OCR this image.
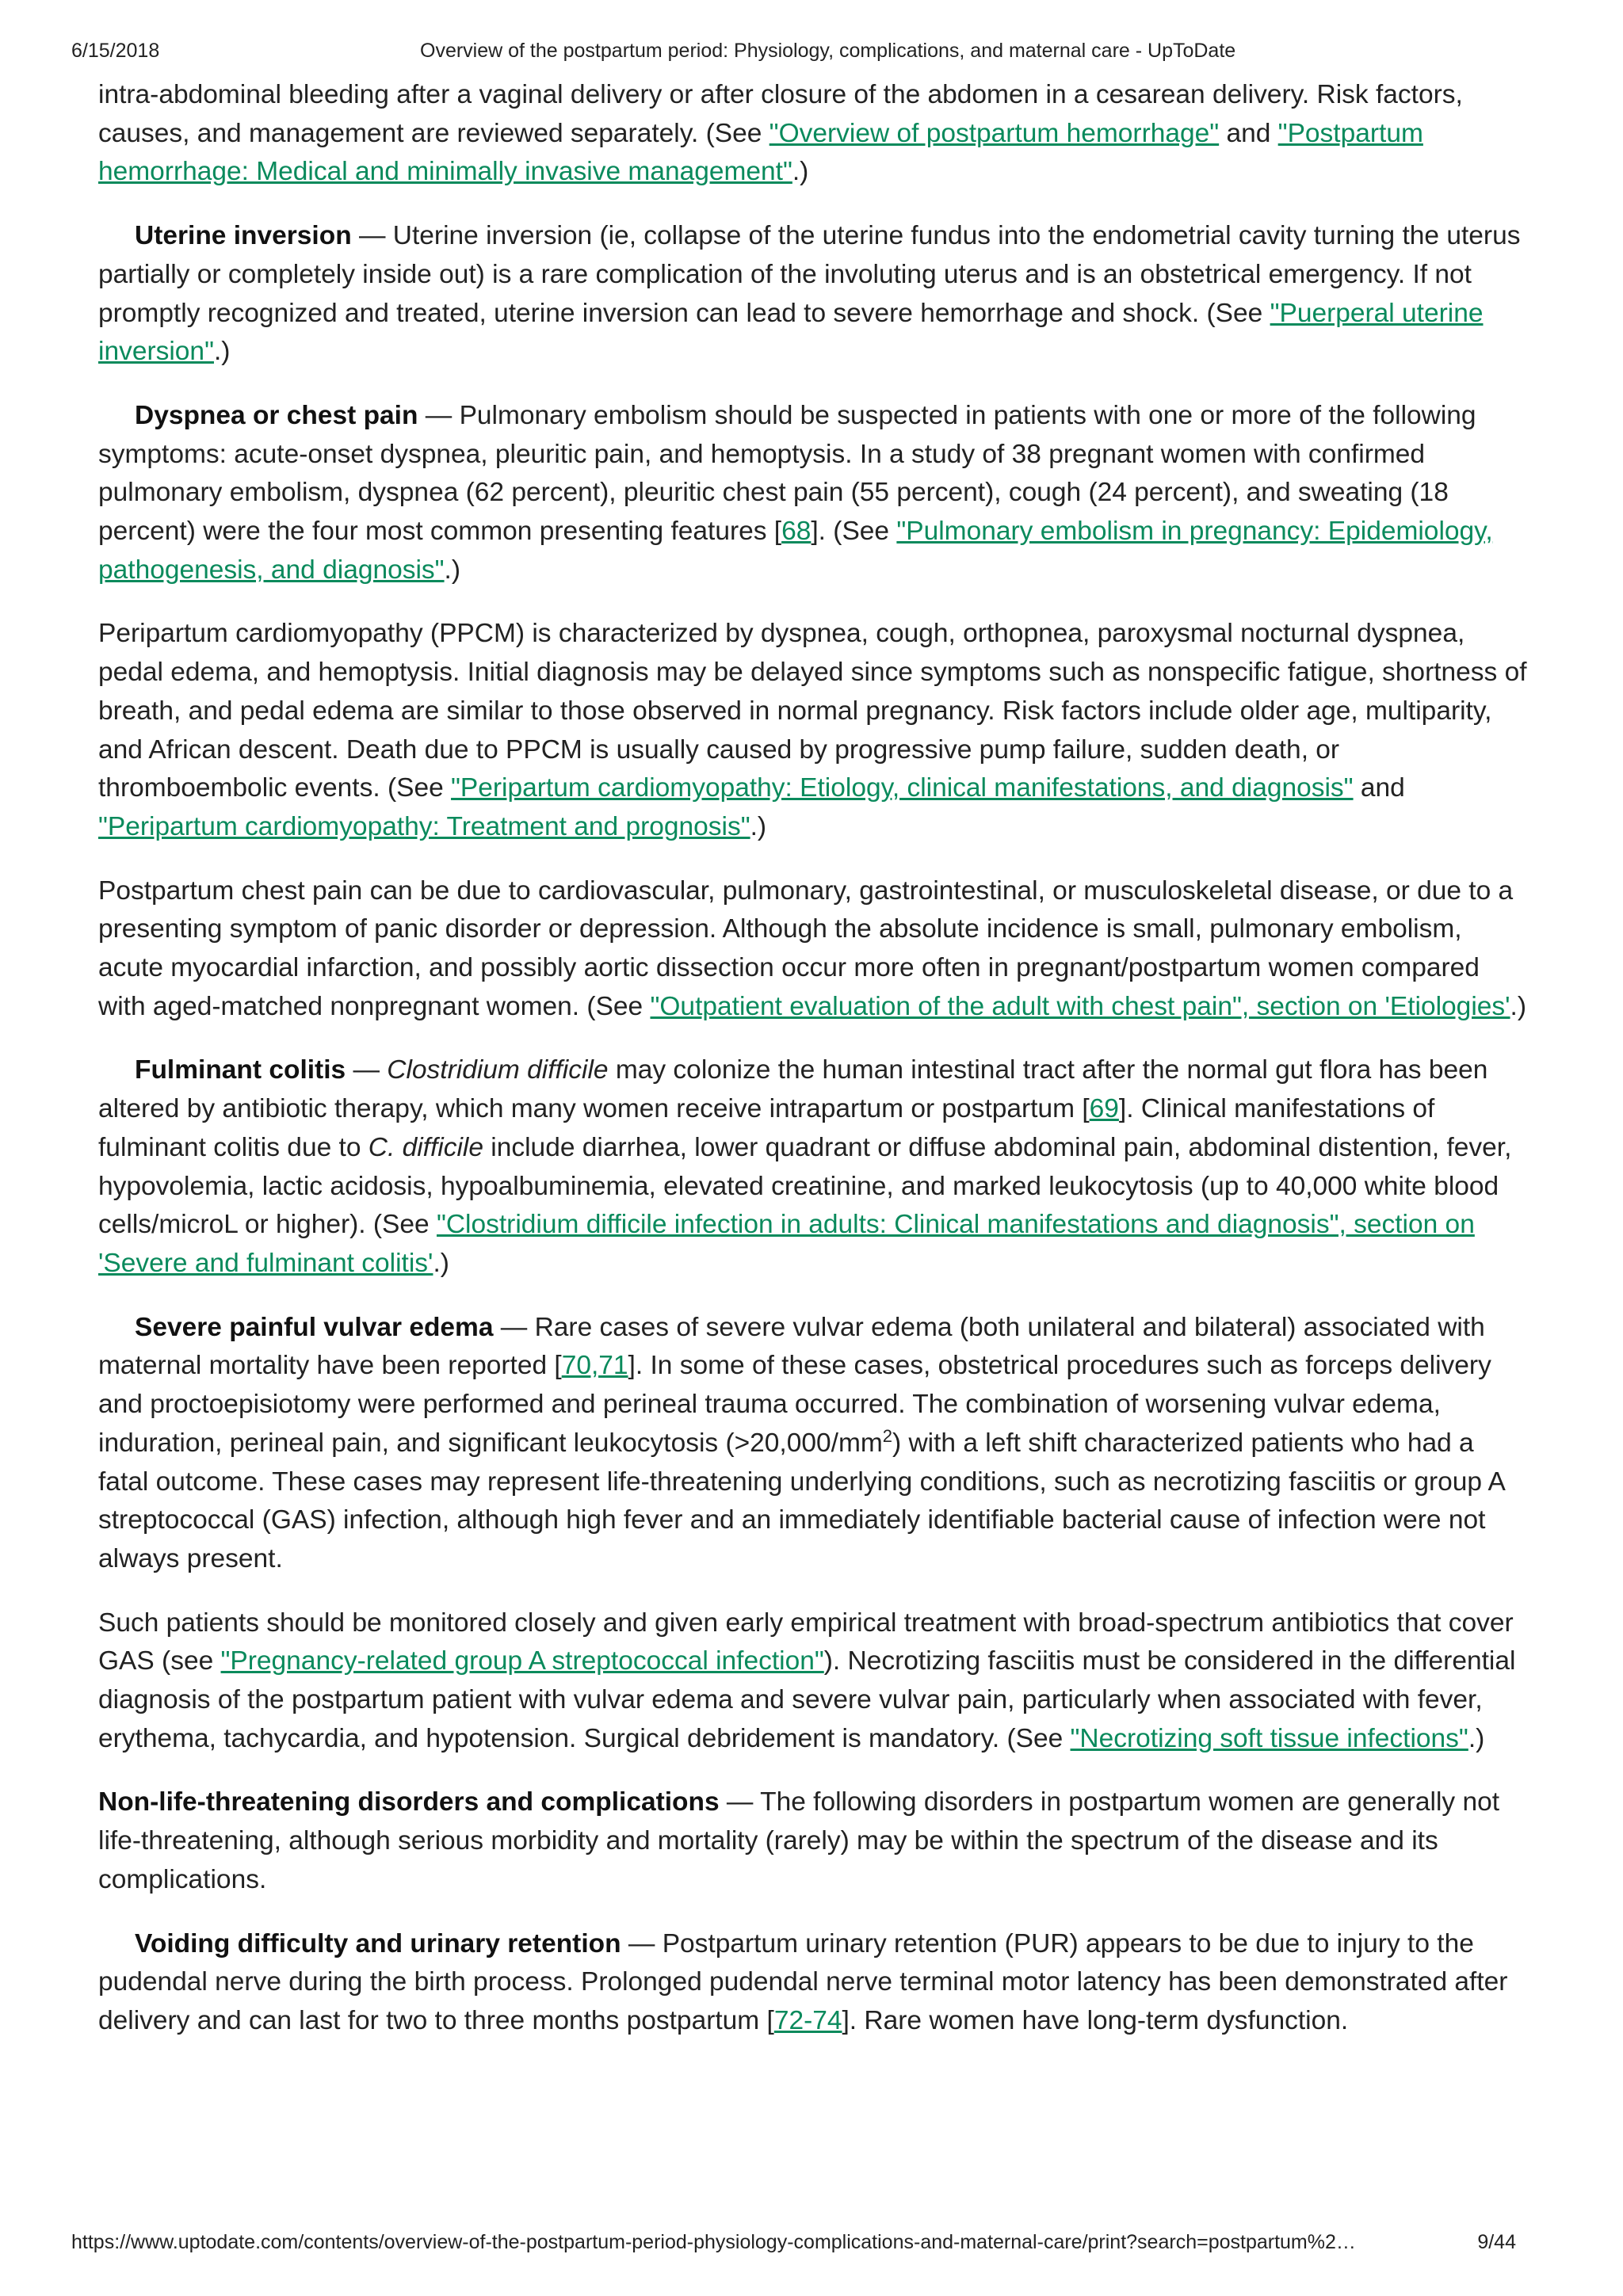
6/15/2018	Overview of the postpartum period: Physiology, complications, and maternal care - UpToDate

intra-abdominal bleeding after a vaginal delivery or after closure of the abdomen in a cesarean delivery. Risk factors, causes, and management are reviewed separately. (See "Overview of postpartum hemorrhage" and "Postpartum hemorrhage: Medical and minimally invasive management".)

Uterine inversion — Uterine inversion (ie, collapse of the uterine fundus into the endometrial cavity turning the uterus partially or completely inside out) is a rare complication of the involuting uterus and is an obstetrical emergency. If not promptly recognized and treated, uterine inversion can lead to severe hemorrhage and shock. (See "Puerperal uterine inversion".)

Dyspnea or chest pain — Pulmonary embolism should be suspected in patients with one or more of the following symptoms: acute-onset dyspnea, pleuritic pain, and hemoptysis. In a study of 38 pregnant women with confirmed pulmonary embolism, dyspnea (62 percent), pleuritic chest pain (55 percent), cough (24 percent), and sweating (18 percent) were the four most common presenting features [68]. (See "Pulmonary embolism in pregnancy: Epidemiology, pathogenesis, and diagnosis".)

Peripartum cardiomyopathy (PPCM) is characterized by dyspnea, cough, orthopnea, paroxysmal nocturnal dyspnea, pedal edema, and hemoptysis. Initial diagnosis may be delayed since symptoms such as nonspecific fatigue, shortness of breath, and pedal edema are similar to those observed in normal pregnancy. Risk factors include older age, multiparity, and African descent. Death due to PPCM is usually caused by progressive pump failure, sudden death, or thromboembolic events. (See "Peripartum cardiomyopathy: Etiology, clinical manifestations, and diagnosis" and "Peripartum cardiomyopathy: Treatment and prognosis".)

Postpartum chest pain can be due to cardiovascular, pulmonary, gastrointestinal, or musculoskeletal disease, or due to a presenting symptom of panic disorder or depression. Although the absolute incidence is small, pulmonary embolism, acute myocardial infarction, and possibly aortic dissection occur more often in pregnant/postpartum women compared with aged-matched nonpregnant women. (See "Outpatient evaluation of the adult with chest pain", section on 'Etiologies'.)

Fulminant colitis — Clostridium difficile may colonize the human intestinal tract after the normal gut flora has been altered by antibiotic therapy, which many women receive intrapartum or postpartum [69]. Clinical manifestations of fulminant colitis due to C. difficile include diarrhea, lower quadrant or diffuse abdominal pain, abdominal distention, fever, hypovolemia, lactic acidosis, hypoalbuminemia, elevated creatinine, and marked leukocytosis (up to 40,000 white blood cells/microL or higher). (See "Clostridium difficile infection in adults: Clinical manifestations and diagnosis", section on 'Severe and fulminant colitis'.)

Severe painful vulvar edema — Rare cases of severe vulvar edema (both unilateral and bilateral) associated with maternal mortality have been reported [70,71]. In some of these cases, obstetrical procedures such as forceps delivery and proctoepisiotomy were performed and perineal trauma occurred. The combination of worsening vulvar edema, induration, perineal pain, and significant leukocytosis $(>20,000/mm^2)$ with a left shift characterized patients who had a fatal outcome. These cases may represent life-threatening underlying conditions, such as necrotizing fasciitis or group A streptococcal (GAS) infection, although high fever and an immediately identifiable bacterial cause of infection were not always present.

Such patients should be monitored closely and given early empirical treatment with broad-spectrum antibiotics that cover GAS (see "Pregnancy-related group A streptococcal infection"). Necrotizing fasciitis must be considered in the differential diagnosis of the postpartum patient with vulvar edema and severe vulvar pain, particularly when associated with fever, erythema, tachycardia, and hypotension. Surgical debridement is mandatory. (See "Necrotizing soft tissue infections".)

Non-life-threatening disorders and complications — The following disorders in postpartum women are generally not life-threatening, although serious morbidity and mortality (rarely) may be within the spectrum of the disease and its complications.

Voiding difficulty and urinary retention — Postpartum urinary retention (PUR) appears to be due to injury to the pudendal nerve during the birth process. Prolonged pudendal nerve terminal motor latency has been demonstrated after delivery and can last for two to three months postpartum [72-74]. Rare women have long-term dysfunction.

https://www.uptodate.com/contents/overview-of-the-postpartum-period-physiology-complications-and-maternal-care/print?search=postpartum%2…	9/44
